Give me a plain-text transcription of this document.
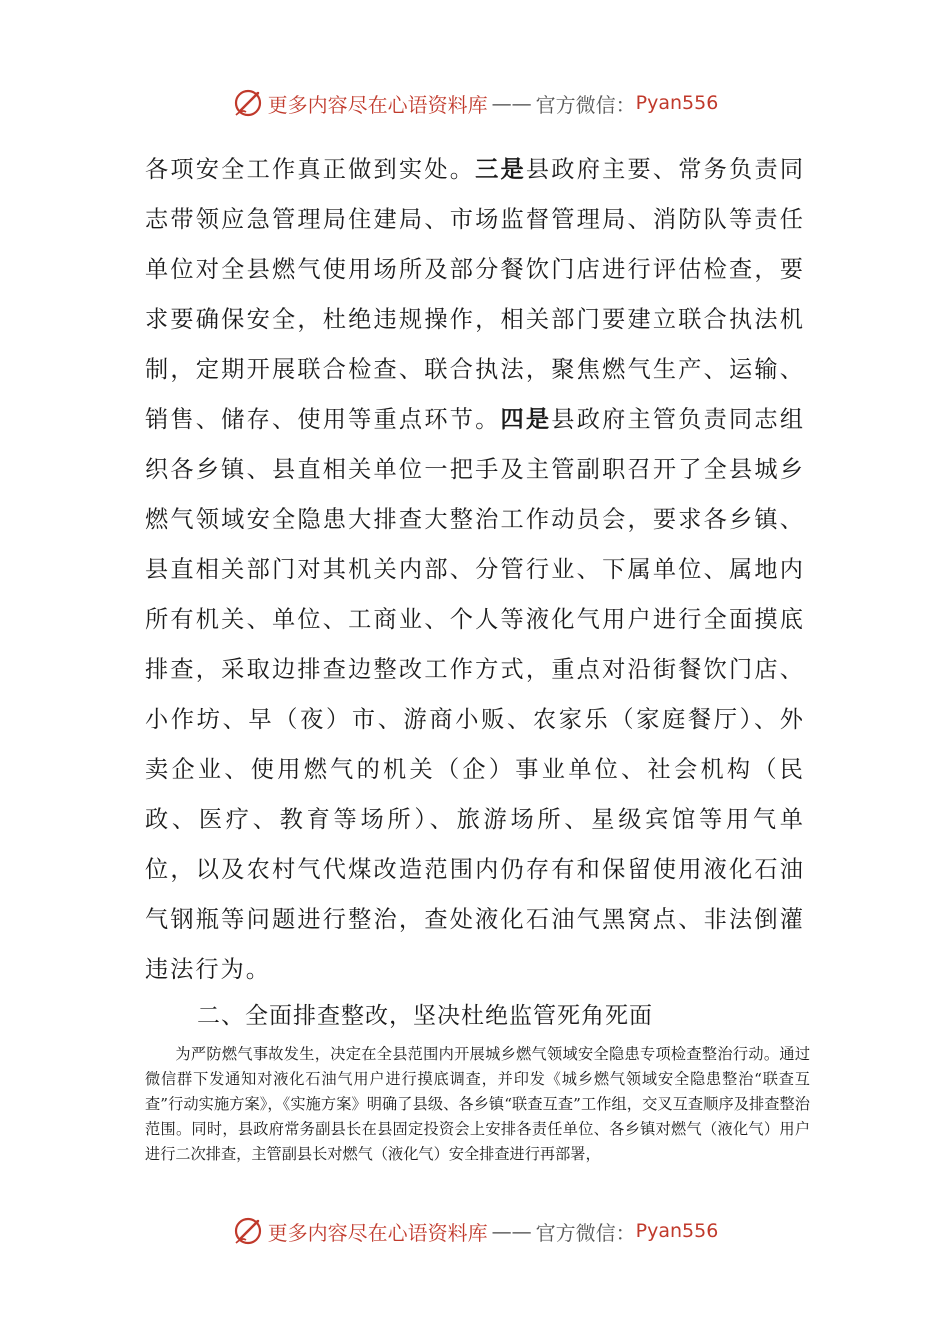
更多内容尽在心语资料库 —— 官方微信： Pyan556

各项安全工作真正做到实处。三是县政府主要、常务负责同志带领应急管理局住建局、市场监督管理局、消防队等责任单位对全县燃气使用场所及部分餐饮门店进行评估检查，要求要确保安全，杜绝违规操作，相关部门要建立联合执法机制，定期开展联合检查、联合执法，聚焦燃气生产、运输、销售、储存、使用等重点环节。四是县政府主管负责同志组织各乡镇、县直相关单位一把手及主管副职召开了全县城乡燃气领域安全隐患大排查大整治工作动员会，要求各乡镇、县直相关部门对其机关内部、分管行业、下属单位、属地内所有机关、单位、工商业、个人等液化气用户进行全面摸底排查，采取边排查边整改工作方式，重点对沿街餐饮门店、小作坊、早（夜）市、游商小贩、农家乐（家庭餐厅）、外卖企业、使用燃气的机关（企）事业单位、社会机构（民政、医疗、教育等场所）、旅游场所、星级宾馆等用气单位，以及农村气代煤改造范围内仍存有和保留使用液化石油气钢瓶等问题进行整治，查处液化石油气黑窝点、非法倒灌违法行为。

二、全面排查整改，坚决杜绝监管死角死面

为严防燃气事故发生，决定在全县范围内开展城乡燃气领域安全隐患专项检查整治行动。通过微信群下发通知对液化石油气用户进行摸底调查，并印发《城乡燃气领域安全隐患整治“联查互查”行动实施方案》，《实施方案》明确了县级、各乡镇“联查互查”工作组，交叉互查顺序及排查整治范围。同时，县政府常务副县长在县固定投资会上安排各责任单位、各乡镇对燃气（液化气）用户进行二次排查，主管副县长对燃气（液化气）安全排查进行再部署，

更多内容尽在心语资料库 —— 官方微信： Pyan556
